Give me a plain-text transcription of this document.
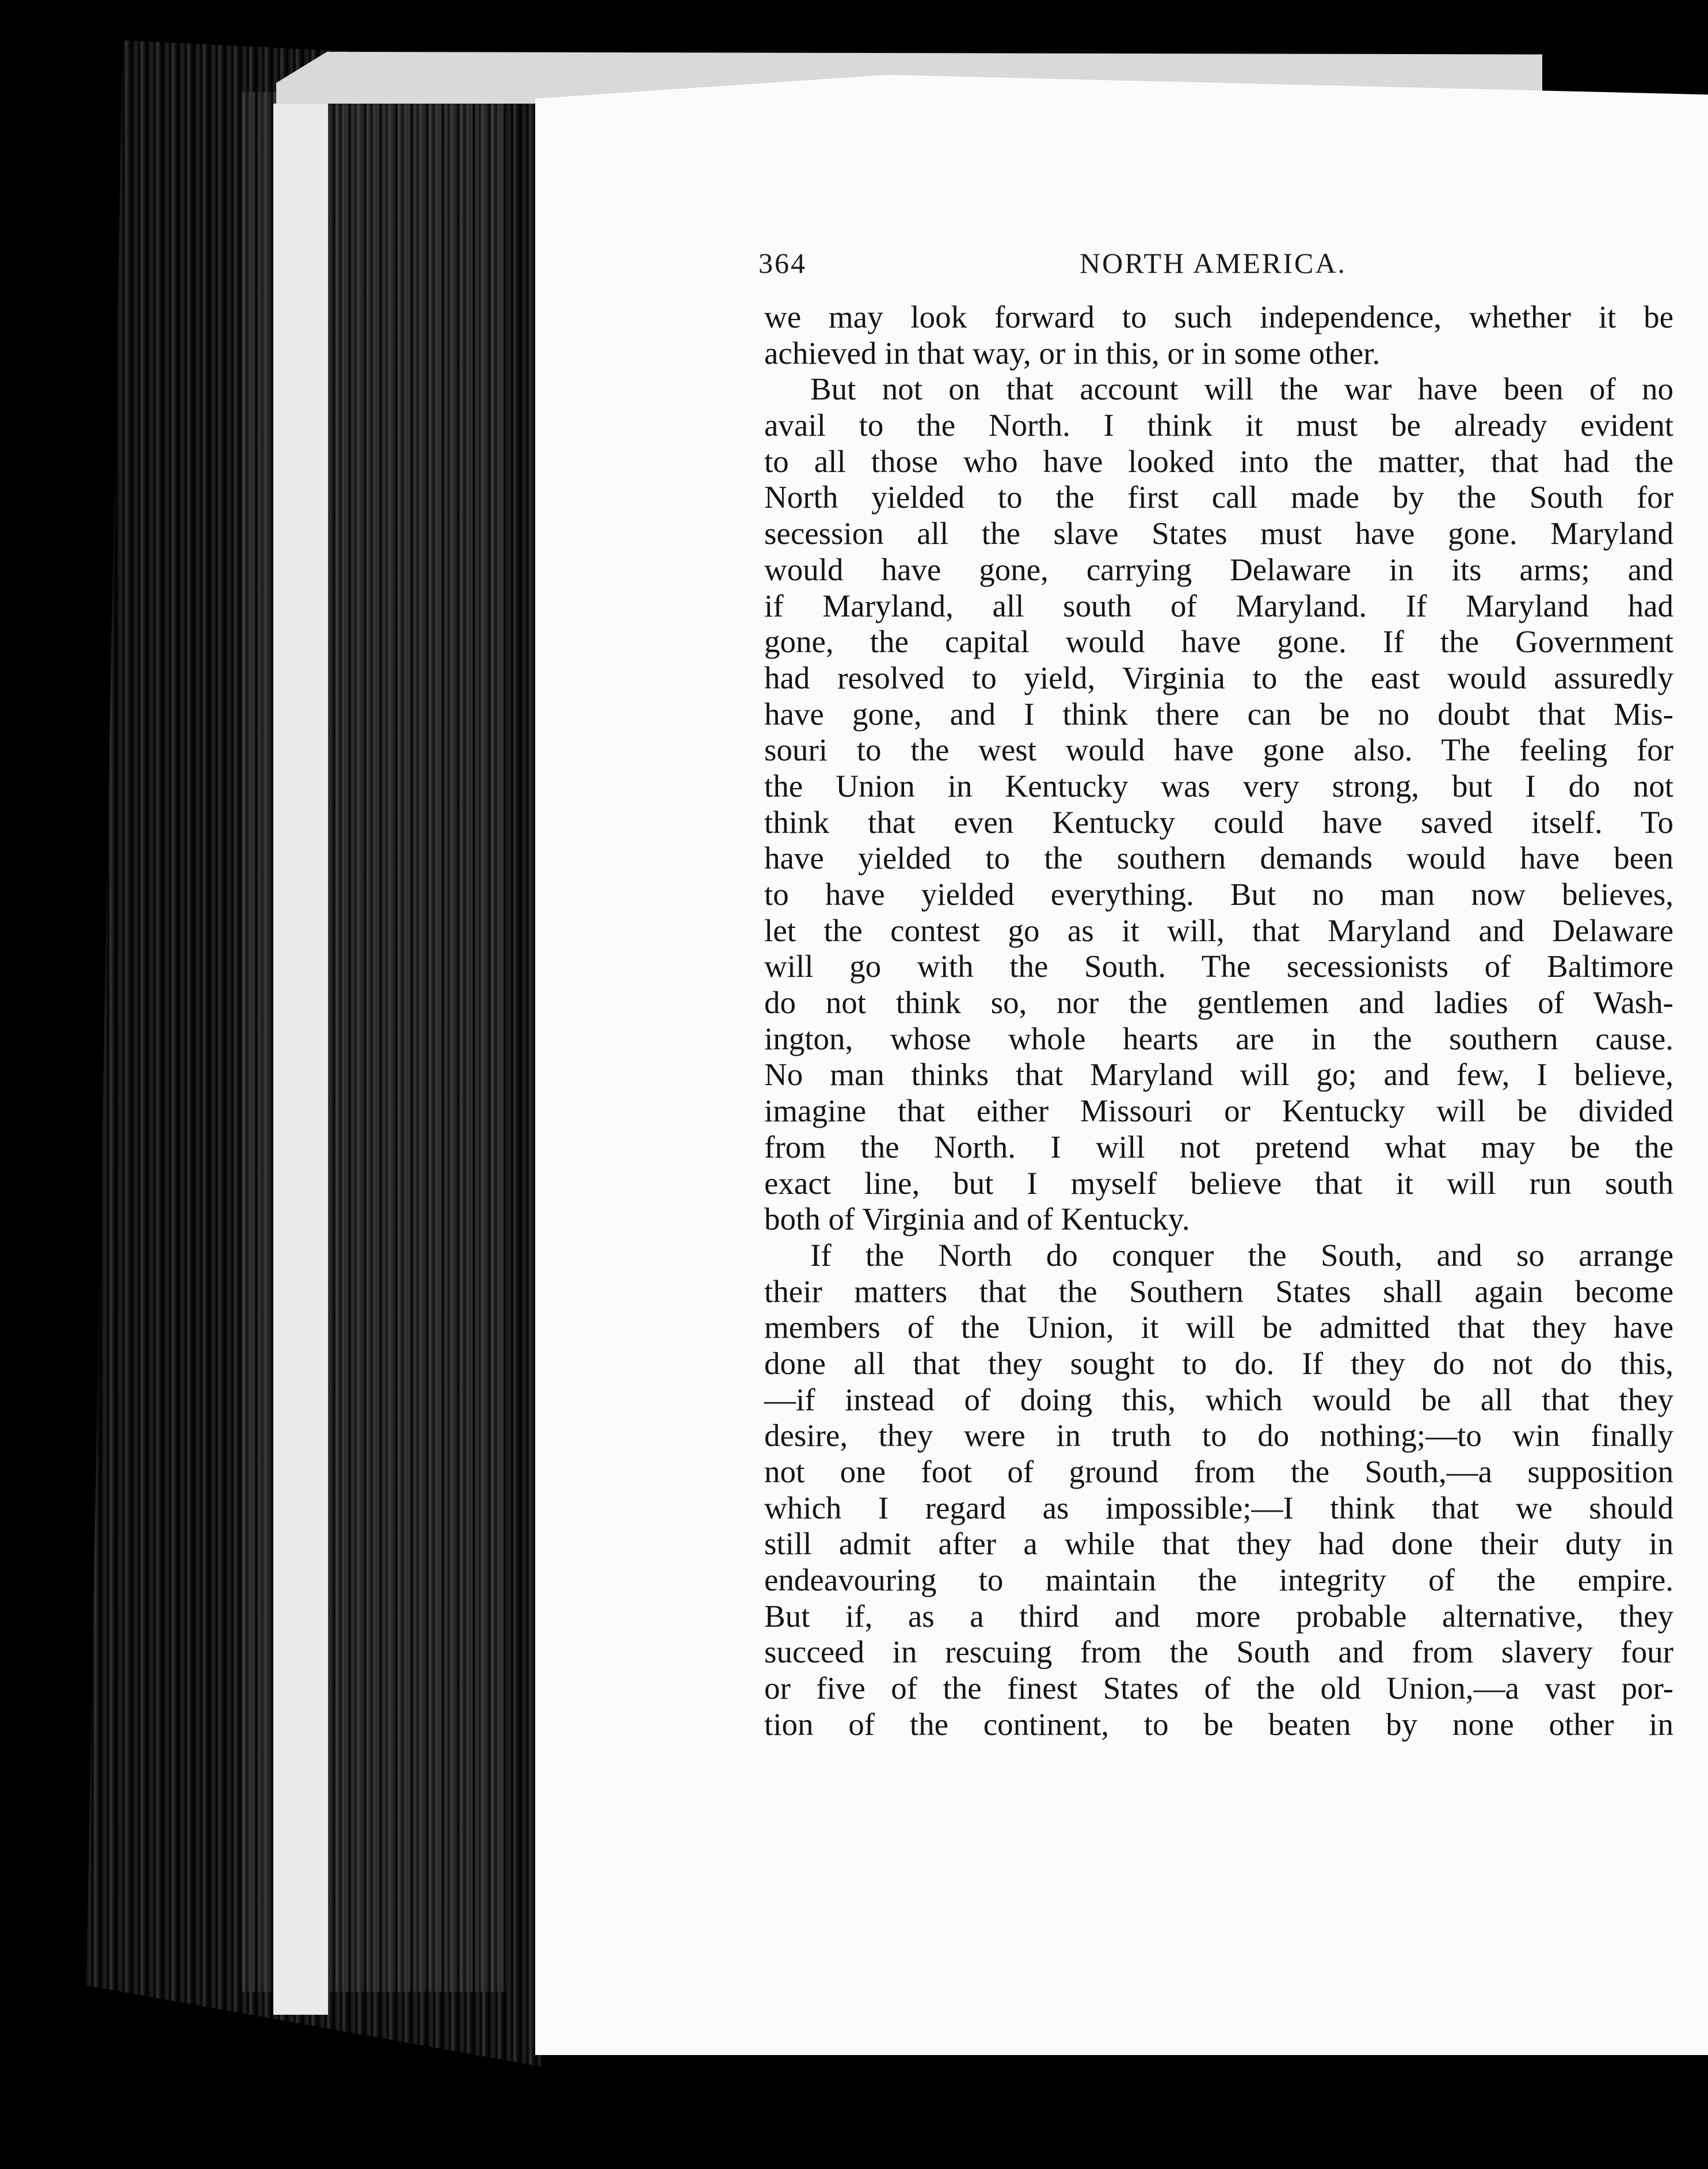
364	NORTH AMERICA.
we may look forward to such independence, whether it be
achieved in that way, or in this, or in some other.
But not on that account will the war have been of no
avail to the North. I think it must be already evident
to all those who have looked into the matter, that had the
North yielded to the first call made by the South for
secession all the slave States must have gone. Maryland
would have gone, carrying Delaware in its arms; and
if Maryland, all south of Maryland. If Maryland had
gone, the capital would have gone. If the Government
had resolved to yield, Virginia to the east would assuredly
have gone, and I think there can be no doubt that Mis-
souri to the west would have gone also. The feeling for
the Union in Kentucky was very strong, but I do not
think that even Kentucky could have saved itself. To
have yielded to the southern demands would have been
to have yielded everything. But no man now believes,
let the contest go as it will, that Maryland and Delaware
will go with the South. The secessionists of Baltimore
do not think so, nor the gentlemen and ladies of Wash-
ington, whose whole hearts are in the southern cause.
No man thinks that Maryland will go; and few, I believe,
imagine that either Missouri or Kentucky will be divided
from the North. I will not pretend what may be the
exact line, but I myself believe that it will run south
both of Virginia and of Kentucky.
If the North do conquer the South, and so arrange
their matters that the Southern States shall again become
members of the Union, it will be admitted that they have
done all that they sought to do. If they do not do this,
—if instead of doing this, which would be all that they
desire, they were in truth to do nothing;—to win finally
not one foot of ground from the South,—a supposition
which I regard as impossible;—I think that we should
still admit after a while that they had done their duty in
endeavouring to maintain the integrity of the empire.
But if, as a third and more probable alternative, they
succeed in rescuing from the South and from slavery four
or five of the finest States of the old Union,—a vast por-
tion of the continent, to be beaten by none other in
